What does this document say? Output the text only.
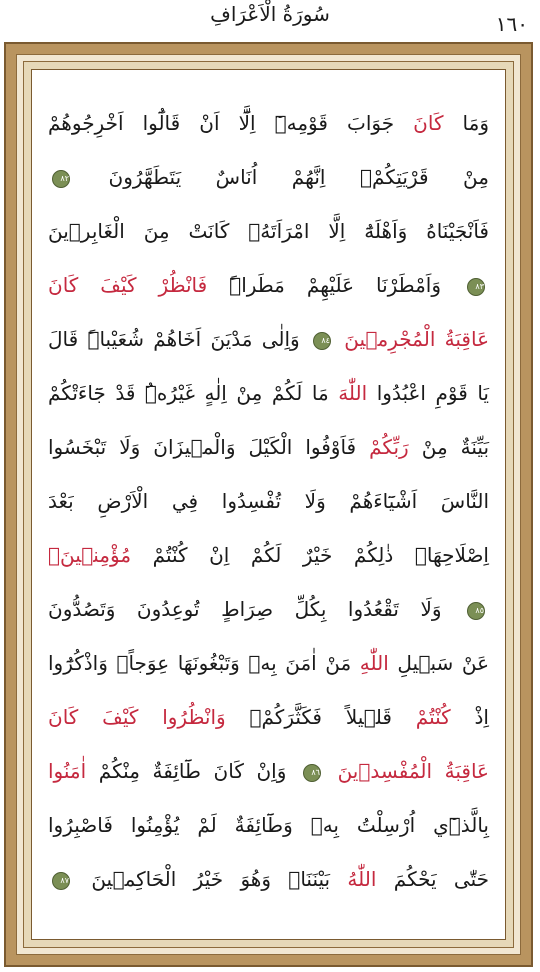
سُورَةُ الْاَعْرَافِ	١٦٠
وَمَا كَانَ جَوَابَ قَوْمِه۪ٓ اِلَّٓا اَنْ قَالُٓوا اَخْرِجُوهُمْ
مِنْ قَرْيَتِكُمْۚ اِنَّهُمْ اُنَاسٌ يَتَطَهَّرُونَ ٨٢
فَاَنْجَيْنَاهُ وَاَهْلَهُٓ اِلَّا امْرَاَتَهُۘ كَانَتْ مِنَ الْغَابِر۪ينَ
٨٣ وَاَمْطَرْنَا عَلَيْهِمْ مَطَراًۜ فَانْظُرْ كَيْفَ كَانَ
عَاقِبَةُ الْمُجْرِم۪ينَ ٨٤ وَاِلٰى مَدْيَنَ اَخَاهُمْ شُعَيْباًۜ قَالَ
يَا قَوْمِ اعْبُدُوا اللّٰهَ مَا لَكُمْ مِنْ اِلٰهٍ غَيْرُهُۜ قَدْ جَٓاءَتْكُمْ
بَيِّنَةٌ مِنْ رَبِّكُمْ فَاَوْفُوا الْكَيْلَ وَالْم۪يزَانَ وَلَا تَبْخَسُوا
النَّاسَ اَشْيَٓاءَهُمْ وَلَا تُفْسِدُوا فِي الْاَرْضِ بَعْدَ
اِصْلَاحِهَاۜ ذٰلِكُمْ خَيْرٌ لَكُمْ اِنْ كُنْتُمْ مُؤْمِن۪ينَۚ
٨٥ وَلَا تَقْعُدُوا بِكُلِّ صِرَاطٍ تُوعِدُونَ وَتَصُدُّونَ
عَنْ سَب۪يلِ اللّٰهِ مَنْ اٰمَنَ بِه۪ وَتَبْغُونَهَا عِوَجاًۚ وَاذْكُرُٓوا
اِذْ كُنْتُمْ قَل۪يلاً فَكَثَّرَكُمْۖ وَانْظُرُوا كَيْفَ كَانَ
عَاقِبَةُ الْمُفْسِد۪ينَ ٨٦ وَاِنْ كَانَ طَٓائِفَةٌ مِنْكُمْ اٰمَنُوا
بِالَّذ۪ٓي اُرْسِلْتُ بِه۪ وَطَٓائِفَةٌ لَمْ يُؤْمِنُوا فَاصْبِرُوا
حَتّٰى يَحْكُمَ اللّٰهُ بَيْنَنَاۚ وَهُوَ خَيْرُ الْحَاكِم۪ينَ ٨٧
